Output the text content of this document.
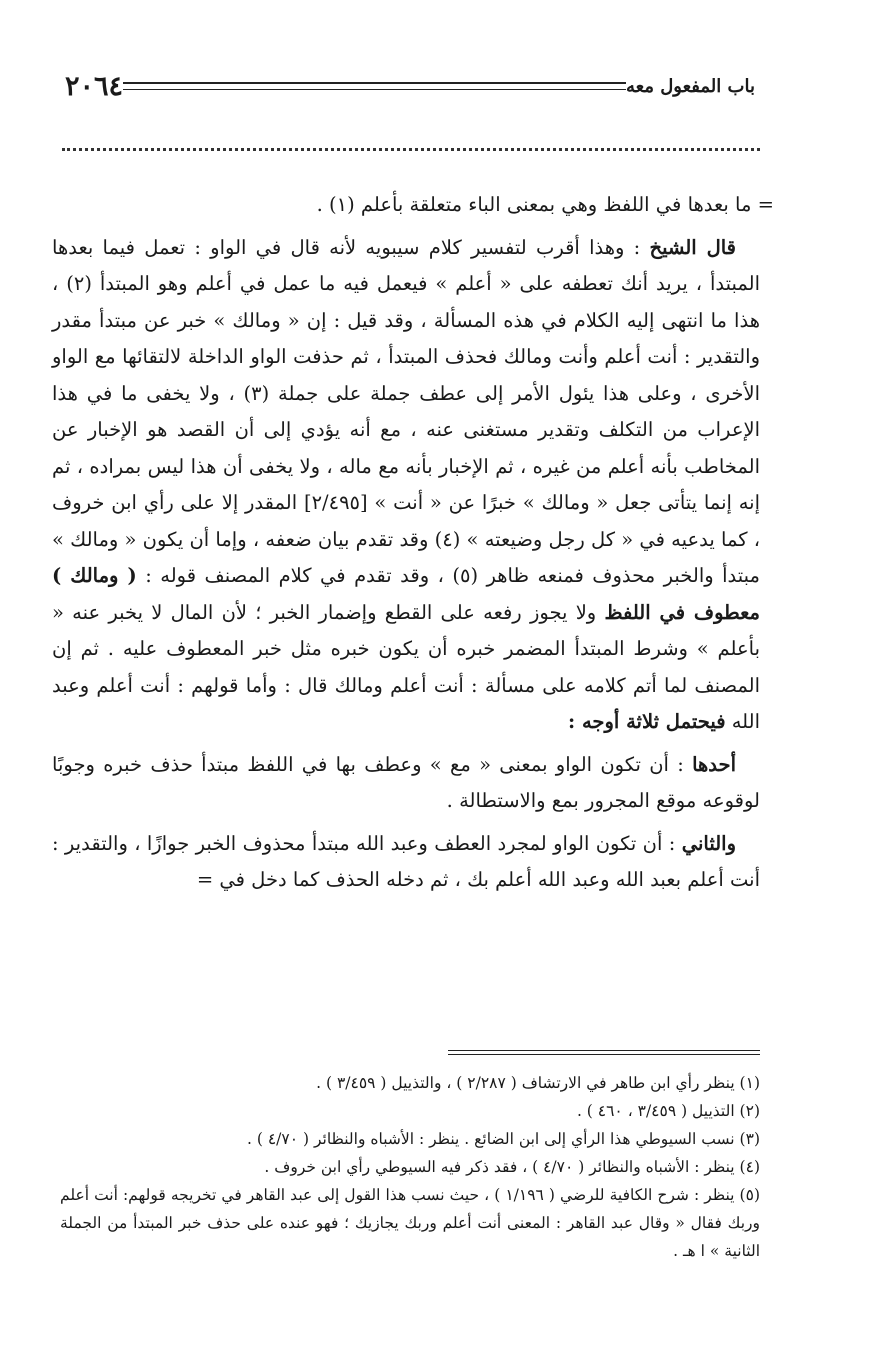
باب المفعول معه
٢٠٦٤

= ما بعدها في اللفظ وهي بمعنى الباء متعلقة بأعلم (١) .

قال الشيخ : وهذا أقرب لتفسير كلام سيبويه لأنه قال في الواو : تعمل فيما بعدها المبتدأ ، يريد أنك تعطفه على « أعلم » فيعمل فيه ما عمل في أعلم وهو المبتدأ (٢) ، هذا ما انتهى إليه الكلام في هذه المسألة ، وقد قيل : إن « ومالك » خبر عن مبتدأ مقدر والتقدير : أنت أعلم وأنت ومالك فحذف المبتدأ ، ثم حذفت الواو الداخلة لالتقائها مع الواو الأخرى ، وعلى هذا يئول الأمر إلى عطف جملة على جملة (٣) ، ولا يخفى ما في هذا الإعراب من التكلف وتقدير مستغنى عنه ، مع أنه يؤدي إلى أن القصد هو الإخبار عن المخاطب بأنه أعلم من غيره ، ثم الإخبار بأنه مع ماله ، ولا يخفى أن هذا ليس بمراده ، ثم إنه إنما يتأتى جعل « ومالك » خبرًا عن « أنت » [٢/٤٩٥] المقدر إلا على رأي ابن خروف ، كما يدعيه في « كل رجل وضيعته » (٤) وقد تقدم بيان ضعفه ، وإما أن يكون « ومالك » مبتدأ والخبر محذوف فمنعه ظاهر (٥) ، وقد تقدم في كلام المصنف قوله : ( ومالك ) معطوف في اللفظ ولا يجوز رفعه على القطع وإضمار الخبر ؛ لأن المال لا يخبر عنه « بأعلم » وشرط المبتدأ المضمر خبره أن يكون خبره مثل خبر المعطوف عليه . ثم إن المصنف لما أتم كلامه على مسألة : أنت أعلم ومالك قال : وأما قولهم : أنت أعلم وعبد الله فيحتمل ثلاثة أوجه :

أحدها : أن تكون الواو بمعنى « مع » وعطف بها في اللفظ مبتدأ حذف خبره وجوبًا لوقوعه موقع المجرور بمع والاستطالة .

والثاني : أن تكون الواو لمجرد العطف وعبد الله مبتدأ محذوف الخبر جوازًا ، والتقدير : أنت أعلم بعبد الله وعبد الله أعلم بك ، ثم دخله الحذف كما دخل في =

(١) ينظر رأي ابن طاهر في الارتشاف ( ٢/٢٨٧ ) ، والتذييل ( ٣/٤٥٩ ) .

(٢) التذييل ( ٣/٤٥٩ ، ٤٦٠ ) .

(٣) نسب السيوطي هذا الرأي إلى ابن الضائع . ينظر : الأشباه والنظائر ( ٤/٧٠ ) .

(٤) ينظر : الأشباه والنظائر ( ٤/٧٠ ) ، فقد ذكر فيه السيوطي رأي ابن خروف .

(٥) ينظر : شرح الكافية للرضي ( ١/١٩٦ ) ، حيث نسب هذا القول إلى عبد القاهر في تخريجه قولهم: أنت أعلم وربك فقال « وقال عبد القاهر : المعنى أنت أعلم وربك يجازيك ؛ فهو عنده على حذف خبر المبتدأ من الجملة الثانية » ا هـ .
